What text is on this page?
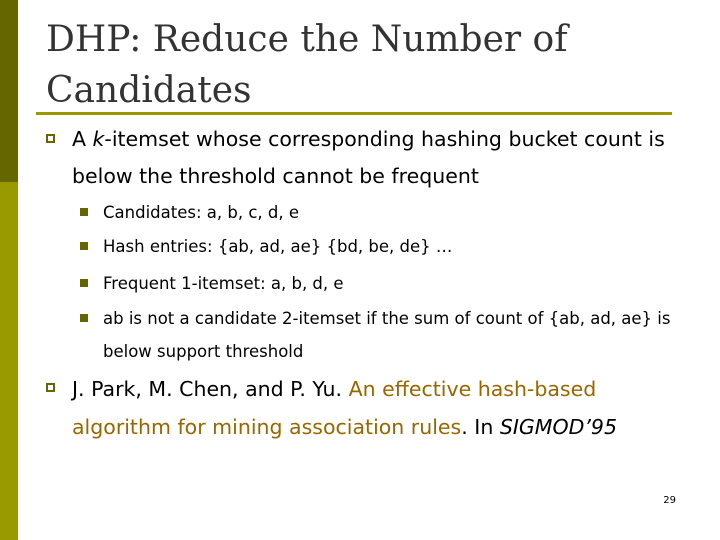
DHP: Reduce the Number of Candidates
A k-itemset whose corresponding hashing bucket count is below the threshold cannot be frequent
Candidates: a, b, c, d, e
Hash entries: {ab, ad, ae} {bd, be, de} …
Frequent 1-itemset: a, b, d, e
ab is not a candidate 2-itemset if the sum of count of {ab, ad, ae} is below support threshold
J. Park, M. Chen, and P. Yu. An effective hash-based algorithm for mining association rules. In SIGMOD’95
29
